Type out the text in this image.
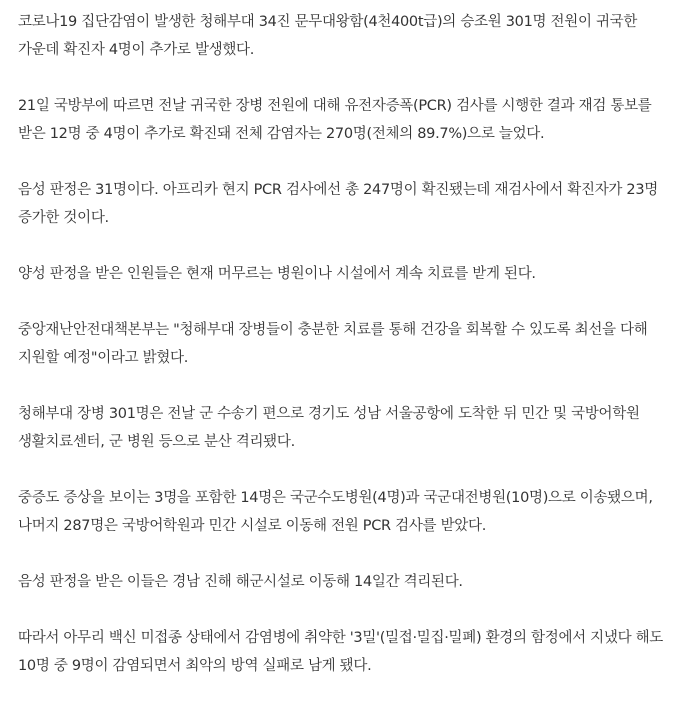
코로나19 집단감염이 발생한 청해부대 34진 문무대왕함(4천400t급)의 승조원 301명 전원이 귀국한 가운데 확진자 4명이 추가로 발생했다.

21일 국방부에 따르면 전날 귀국한 장병 전원에 대해 유전자증폭(PCR) 검사를 시행한 결과 재검 통보를 받은 12명 중 4명이 추가로 확진돼 전체 감염자는 270명(전체의 89.7%)으로 늘었다.

음성 판정은 31명이다. 아프리카 현지 PCR 검사에선 총 247명이 확진됐는데 재검사에서 확진자가 23명 증가한 것이다.

양성 판정을 받은 인원들은 현재 머무르는 병원이나 시설에서 계속 치료를 받게 된다.

중앙재난안전대책본부는 "청해부대 장병들이 충분한 치료를 통해 건강을 회복할 수 있도록 최선을 다해 지원할 예정"이라고 밝혔다.

청해부대 장병 301명은 전날 군 수송기 편으로 경기도 성남 서울공항에 도착한 뒤 민간 및 국방어학원 생활치료센터, 군 병원 등으로 분산 격리됐다.

중증도 증상을 보이는 3명을 포함한 14명은 국군수도병원(4명)과 국군대전병원(10명)으로 이송됐으며, 나머지 287명은 국방어학원과 민간 시설로 이동해 전원 PCR 검사를 받았다.

음성 판정을 받은 이들은 경남 진해 해군시설로 이동해 14일간 격리된다.

따라서 아무리 백신 미접종 상태에서 감염병에 취약한 '3밀'(밀접·밀집·밀폐) 환경의 함정에서 지냈다 해도 10명 중 9명이 감염되면서 최악의 방역 실패로 남게 됐다.
